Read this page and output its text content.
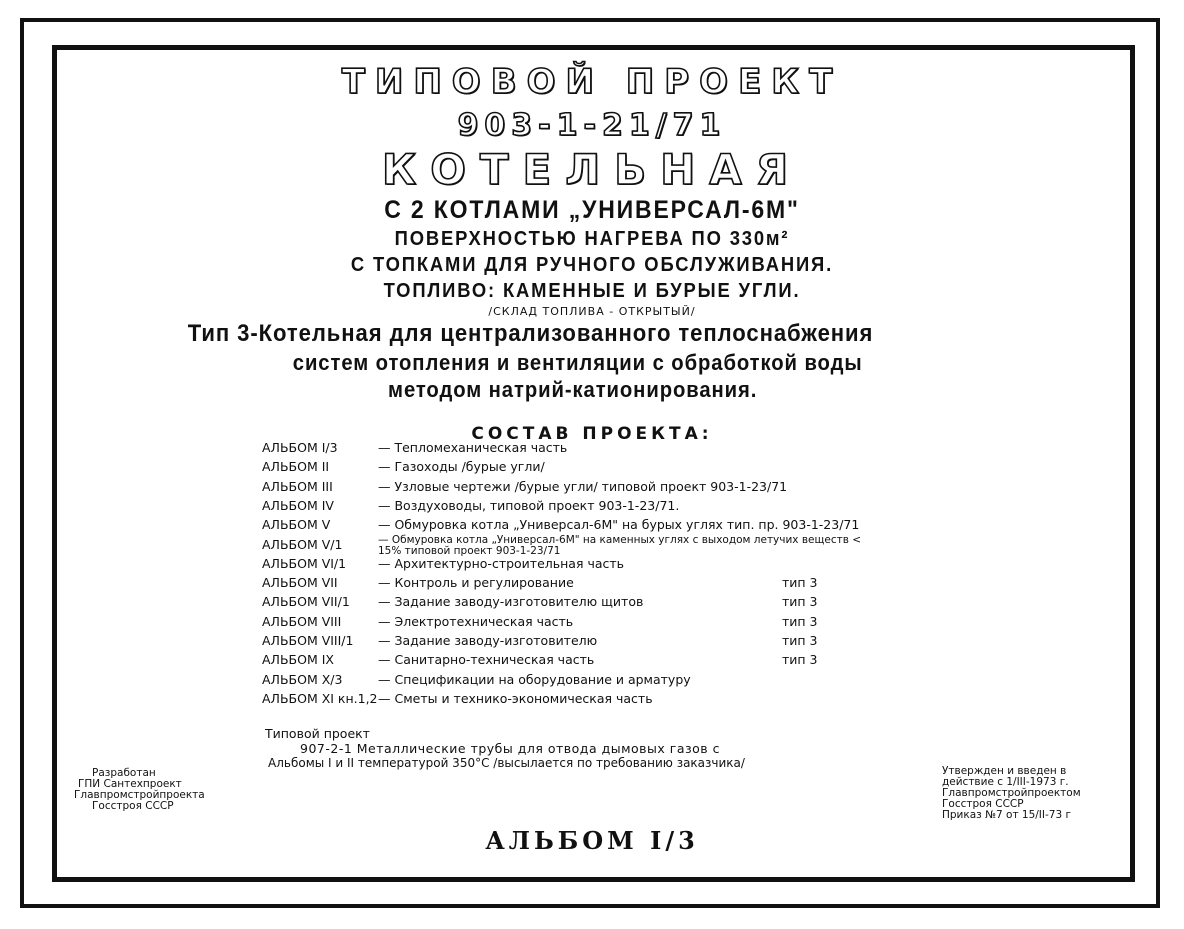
ТИПОВОЙ ПРОЕКТ
903-1-21/71
КОТЕЛЬНАЯ
С 2 КОТЛАМИ „УНИВЕРСАЛ-6М"
ПОВЕРХНОСТЬЮ НАГРЕВА ПО 330м²
С ТОПКАМИ ДЛЯ РУЧНОГО ОБСЛУЖИВАНИЯ.
ТОПЛИВО: КАМЕННЫЕ И БУРЫЕ УГЛИ.
/СКЛАД ТОПЛИВА - ОТКРЫТЫЙ/
Тип 3-Котельная для централизованного теплоснабжения
систем отопления и вентиляции с обработкой воды
методом натрий-катионирования.
СОСТАВ ПРОЕКТА:
АЛЬБОМ I/3	— Тепломеханическая часть
АЛЬБОМ II	— Газоходы /бурые угли/
АЛЬБОМ III	— Узловые чертежи /бурые угли/ типовой проект 903-1-23/71
АЛЬБОМ IV	— Воздуховоды, типовой проект 903-1-23/71.
АЛЬБОМ V	— Обмуровка котла „Универсал-6М" на бурых углях тип. пр. 903-1-23/71
АЛЬБОМ V/1	— Обмуровка котла „Универсал-6М" на каменных углях с выходом летучих веществ < 15% типовой проект 903-1-23/71
АЛЬБОМ VI/1	— Архитектурно-строительная часть
АЛЬБОМ VII	— Контроль и регулирование	тип 3
АЛЬБОМ VII/1 — Задание заводу-изготовителю щитов	тип 3
АЛЬБОМ VIII	— Электротехническая часть	тип 3
АЛЬБОМ VIII/1 — Задание заводу-изготовителю	тип 3
АЛЬБОМ IX	— Санитарно-техническая часть	тип 3
АЛЬБОМ X/3	— Спецификации на оборудование и арматуру
АЛЬБОМ XI кн.1,2 — Сметы и технико-экономическая часть
Типовой проект
907-2-1 Металлические трубы для отвода дымовых газов с
Альбомы I и II температурой 350°С /высылается по требованию заказчика/
Разработан
ГПИ Сантехпроект
Главпромстройпроекта
Госстроя СССР
Утвержден и введен в
действие с 1/III-1973 г.
Главпромстройпроектом
Госстроя СССР
Приказ №7 от 15/II-73 г
АЛЬБОМ I/3
